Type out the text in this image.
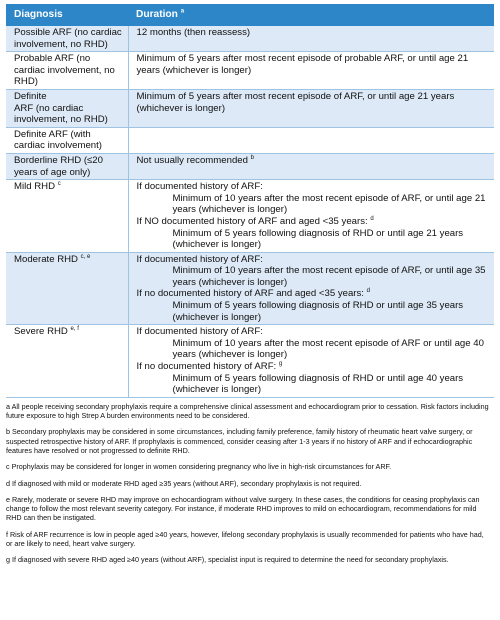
Diagnosis	Duration $^a$
Possible ARF (no cardiac involvement, no RHD)	12 months (then reassess)

Probable ARF (no cardiac involvement, no RHD)	Minimum of 5 years after most recent episode of probable ARF, or until age 21 years (whichever is longer)

Definite
ARF (no cardiac involvement, no RHD)	Minimum of 5 years after most recent episode of ARF, or until age 21 years (whichever is longer)

Definite ARF (with cardiac involvement)	
Borderline RHD (≤20 years of age only)	Not usually recommended $^b$

Mild RHD $^c$	If documented history of ARF:
Minimum of 10 years after the most recent episode of ARF, or until age 21 years (whichever is longer)
If NO documented history of ARF and aged <35 years: $^d$
Minimum of 5 years following diagnosis of RHD or until age 21 years (whichever is longer)

Moderate RHD $^{c, e}$	If documented history of ARF:
Minimum of 10 years after the most recent episode of ARF, or until age 35 years (whichever is longer)
If no documented history of ARF and aged <35 years: $^d$
Minimum of 5 years following diagnosis of RHD or until age 35 years (whichever is longer)

Severe RHD $^{e, f}$	If documented history of ARF:
Minimum of 10 years after the most recent episode of ARF or until age 40 years (whichever is longer)
If no documented history of ARF: $^g$
Minimum of 5 years following diagnosis of RHD or until age 40 years (whichever is longer)

a All people receiving secondary prophylaxis require a comprehensive clinical assessment and echocardiogram prior to cessation. Risk factors including future exposure to high Strep A burden environments need to be considered.

b Secondary prophylaxis may be considered in some circumstances, including family preference, family history of rheumatic heart valve surgery, or suspected retrospective history of ARF. If prophylaxis is commenced, consider ceasing after 1-3 years if no history of ARF and if echocardiographic features have resolved or not progressed to definite RHD.

c Prophylaxis may be considered for longer in women considering pregnancy who live in high-risk circumstances for ARF.

d If diagnosed with mild or moderate RHD aged ≥35 years (without ARF), secondary prophylaxis is not required.

e Rarely, moderate or severe RHD may improve on echocardiogram without valve surgery. In these cases, the conditions for ceasing prophylaxis can change to follow the most relevant severity category. For instance, if moderate RHD improves to mild on echocardiogram, recommendations for mild RHD can then be instigated.

f Risk of ARF recurrence is low in people aged ≥40 years, however, lifelong secondary prophylaxis is usually recommended for patients who have had, or are likely to need, heart valve surgery.

g If diagnosed with severe RHD aged ≥40 years (without ARF), specialist input is required to determine the need for secondary prophylaxis.
